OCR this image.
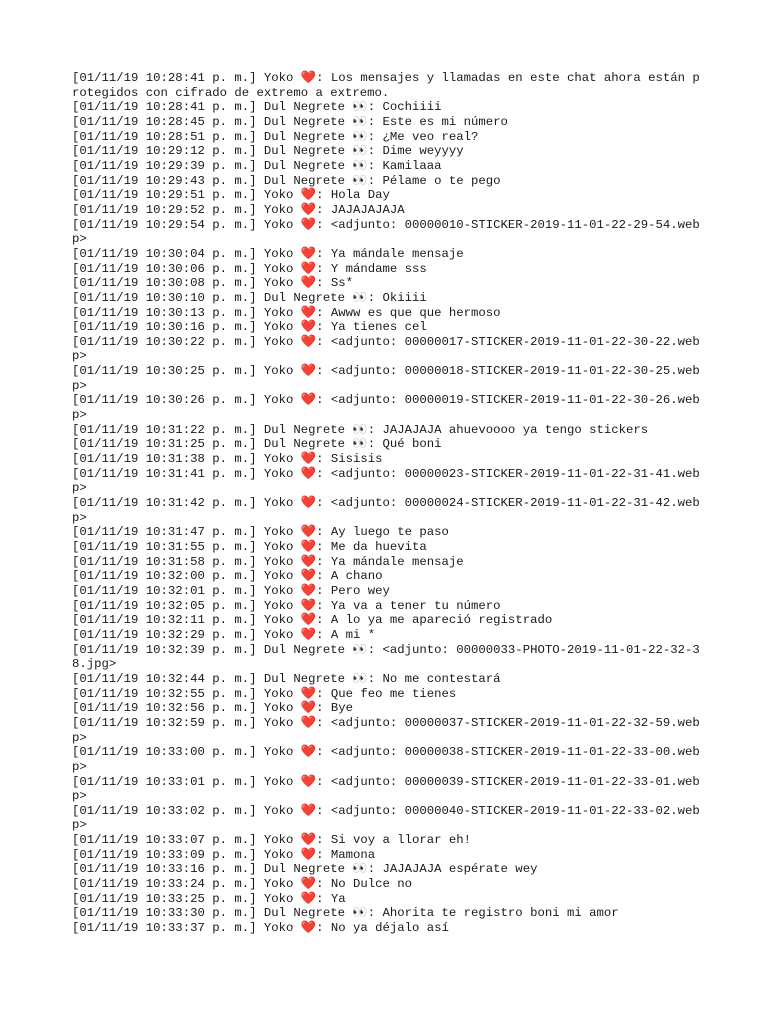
[01/11/19 10:28:41 p. m.] Yoko ❤️: Los mensajes y llamadas en este chat ahora están protegidos con cifrado de extremo a extremo.
[01/11/19 10:28:41 p. m.] Dul Negrete 👀: Cochiiii
[01/11/19 10:28:45 p. m.] Dul Negrete 👀: Este es mi número
[01/11/19 10:28:51 p. m.] Dul Negrete 👀: ¿Me veo real?
[01/11/19 10:29:12 p. m.] Dul Negrete 👀: Dime weyyyy
[01/11/19 10:29:39 p. m.] Dul Negrete 👀: Kamilaaa
[01/11/19 10:29:43 p. m.] Dul Negrete 👀: Pélame o te pego
[01/11/19 10:29:51 p. m.] Yoko ❤️: Hola Day
[01/11/19 10:29:52 p. m.] Yoko ❤️: JAJAJAJAJA
[01/11/19 10:29:54 p. m.] Yoko ❤️: <adjunto: 00000010-STICKER-2019-11-01-22-29-54.webp>
[01/11/19 10:30:04 p. m.] Yoko ❤️: Ya mándale mensaje
[01/11/19 10:30:06 p. m.] Yoko ❤️: Y mándame sss
[01/11/19 10:30:08 p. m.] Yoko ❤️: Ss*
[01/11/19 10:30:10 p. m.] Dul Negrete 👀: Okiiii
[01/11/19 10:30:13 p. m.] Yoko ❤️: Awww es que que hermoso
[01/11/19 10:30:16 p. m.] Yoko ❤️: Ya tienes cel
[01/11/19 10:30:22 p. m.] Yoko ❤️: <adjunto: 00000017-STICKER-2019-11-01-22-30-22.webp>
[01/11/19 10:30:25 p. m.] Yoko ❤️: <adjunto: 00000018-STICKER-2019-11-01-22-30-25.webp>
[01/11/19 10:30:26 p. m.] Yoko ❤️: <adjunto: 00000019-STICKER-2019-11-01-22-30-26.webp>
[01/11/19 10:31:22 p. m.] Dul Negrete 👀: JAJAJAJA ahuevoooo ya tengo stickers
[01/11/19 10:31:25 p. m.] Dul Negrete 👀: Qué boni
[01/11/19 10:31:38 p. m.] Yoko ❤️: Sisisis
[01/11/19 10:31:41 p. m.] Yoko ❤️: <adjunto: 00000023-STICKER-2019-11-01-22-31-41.webp>
[01/11/19 10:31:42 p. m.] Yoko ❤️: <adjunto: 00000024-STICKER-2019-11-01-22-31-42.webp>
[01/11/19 10:31:47 p. m.] Yoko ❤️: Ay luego te paso
[01/11/19 10:31:55 p. m.] Yoko ❤️: Me da huevita
[01/11/19 10:31:58 p. m.] Yoko ❤️: Ya mándale mensaje
[01/11/19 10:32:00 p. m.] Yoko ❤️: A chano
[01/11/19 10:32:01 p. m.] Yoko ❤️: Pero wey
[01/11/19 10:32:05 p. m.] Yoko ❤️: Ya va a tener tu número
[01/11/19 10:32:11 p. m.] Yoko ❤️: A lo ya me apareció registrado
[01/11/19 10:32:29 p. m.] Yoko ❤️: A mi *
[01/11/19 10:32:39 p. m.] Dul Negrete 👀: <adjunto: 00000033-PHOTO-2019-11-01-22-32-38.jpg>
[01/11/19 10:32:44 p. m.] Dul Negrete 👀: No me contestará
[01/11/19 10:32:55 p. m.] Yoko ❤️: Que feo me tienes
[01/11/19 10:32:56 p. m.] Yoko ❤️: Bye
[01/11/19 10:32:59 p. m.] Yoko ❤️: <adjunto: 00000037-STICKER-2019-11-01-22-32-59.webp>
[01/11/19 10:33:00 p. m.] Yoko ❤️: <adjunto: 00000038-STICKER-2019-11-01-22-33-00.webp>
[01/11/19 10:33:01 p. m.] Yoko ❤️: <adjunto: 00000039-STICKER-2019-11-01-22-33-01.webp>
[01/11/19 10:33:02 p. m.] Yoko ❤️: <adjunto: 00000040-STICKER-2019-11-01-22-33-02.webp>
[01/11/19 10:33:07 p. m.] Yoko ❤️: Si voy a llorar eh!
[01/11/19 10:33:09 p. m.] Yoko ❤️: Mamona
[01/11/19 10:33:16 p. m.] Dul Negrete 👀: JAJAJAJA espérate wey
[01/11/19 10:33:24 p. m.] Yoko ❤️: No Dulce no
[01/11/19 10:33:25 p. m.] Yoko ❤️: Ya
[01/11/19 10:33:30 p. m.] Dul Negrete 👀: Ahorita te registro boni mi amor
[01/11/19 10:33:37 p. m.] Yoko ❤️: No ya déjalo así
